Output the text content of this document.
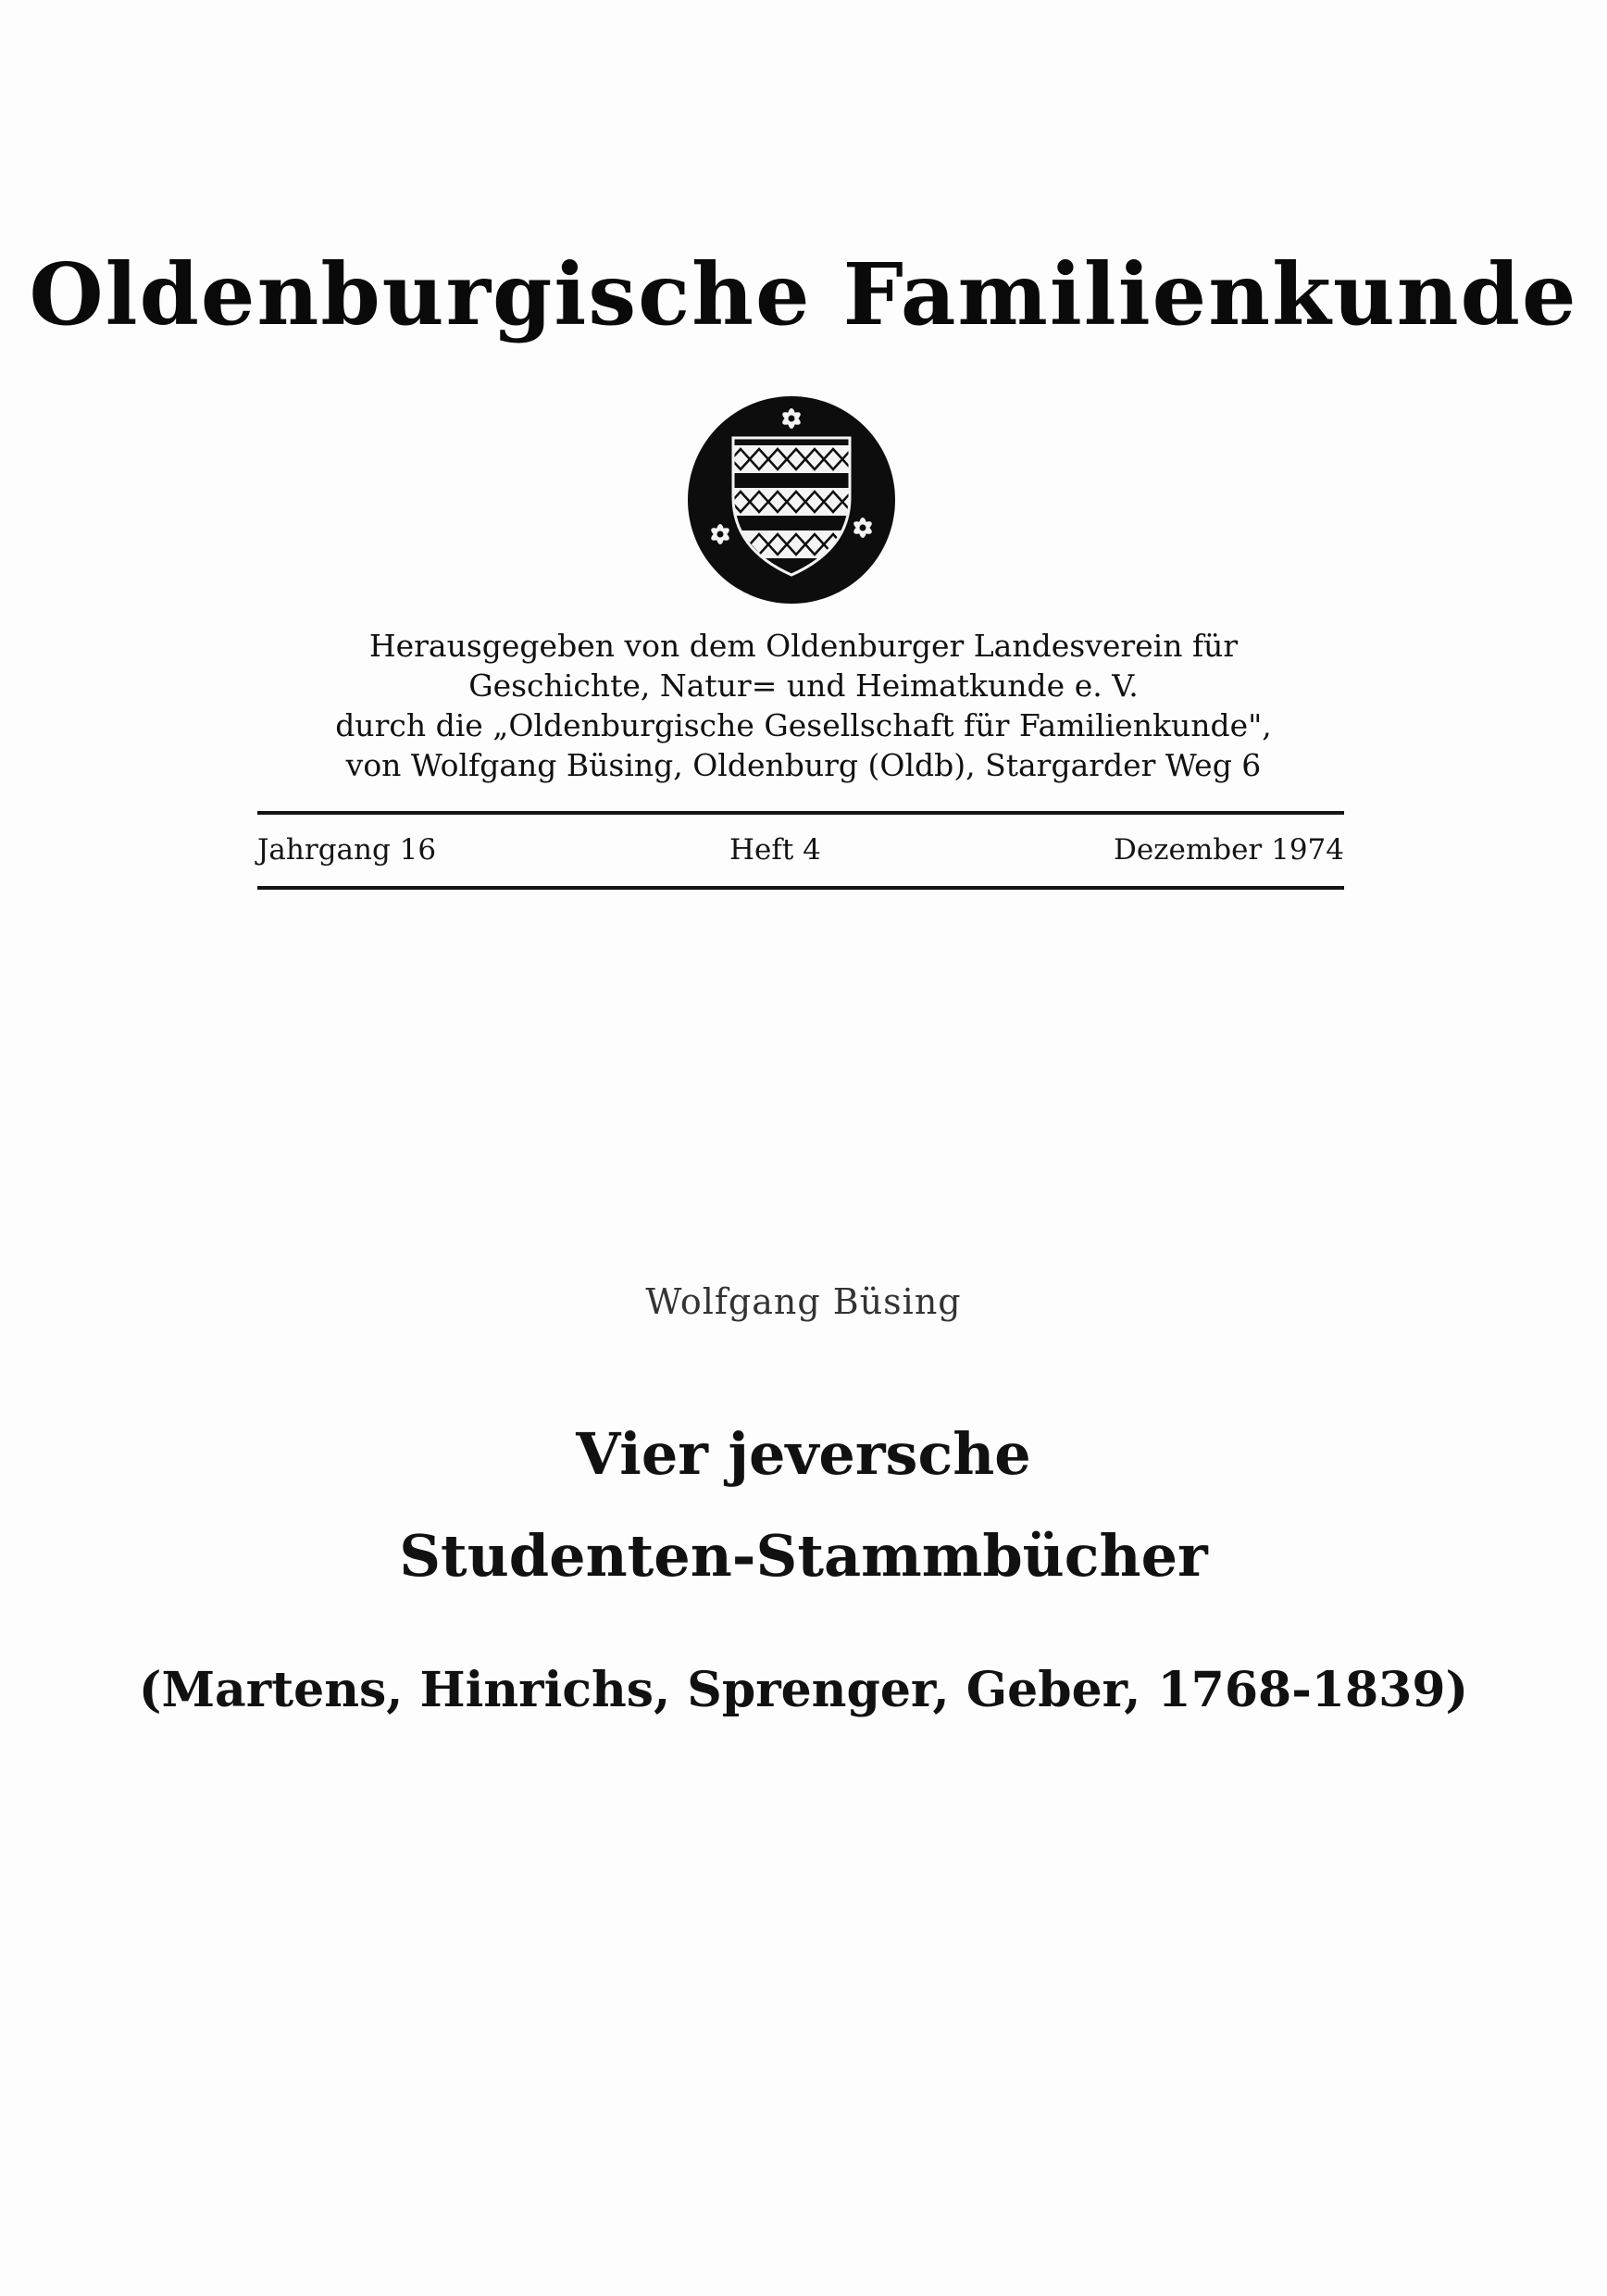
Oldenburgische Familienkunde
Herausgegeben von dem Oldenburger Landesverein für
Geschichte, Natur= und Heimatkunde e. V.
durch die „Oldenburgische Gesellschaft für Familienkunde",
von Wolfgang Büsing, Oldenburg (Oldb), Stargarder Weg 6
Jahrgang 16	Heft 4	Dezember 1974
Wolfgang Büsing
Vier jeversche
Studenten-Stammbücher
(Martens, Hinrichs, Sprenger, Geber, 1768-1839)
